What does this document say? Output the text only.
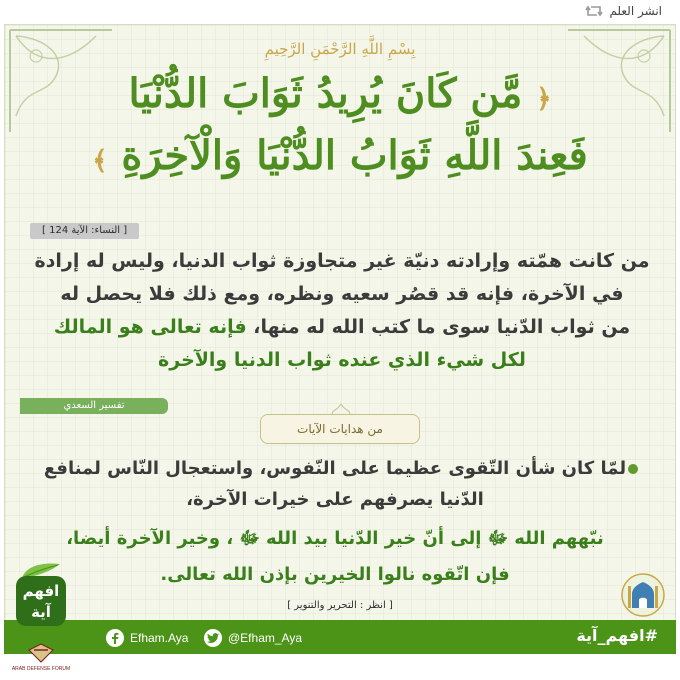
انشر العلم
بِسْمِ اللَّهِ الرَّحْمَنِ الرَّحِيمِ
﴿ مَّن كَانَ يُرِيدُ ثَوَابَ الدُّنْيَا
فَعِندَ اللَّهِ ثَوَابُ الدُّنْيَا وَالْآخِرَةِ ﴾
[ النساء: الآية 124 ]
من كانت همّته وإرادته دنيّة غير متجاوزة ثواب الدنيا، وليس له إرادة
في الآخرة، فإنه قد قصُر سعيه ونظره، ومع ذلك فلا يحصل له
من ثواب الدّنيا سوى ما كتب الله له منها، فإنه تعالى هو المالك
لكل شيء الذي عنده ثواب الدنيا والآخرة
تفسير السعدي
من هدايات الآيات
لمّا كان شأن التّقوى عظيما على النّفوس، واستعجال النّاس لمنافع
الدّنيا يصرفهم على خيرات الآخرة،
نبّههم الله ﷻ إلى أنّ خير الدّنيا بيد الله ﷻ ، وخير الآخرة أيضا،
فإن اتّقوه نالوا الخيرين بإذن الله تعالى.
[ انظر : التحرير والتنوير ]
#افهم_آية
Efham.Aya	@Efham_Aya
افهم
آية
ARAB DEFENSE FORUM
